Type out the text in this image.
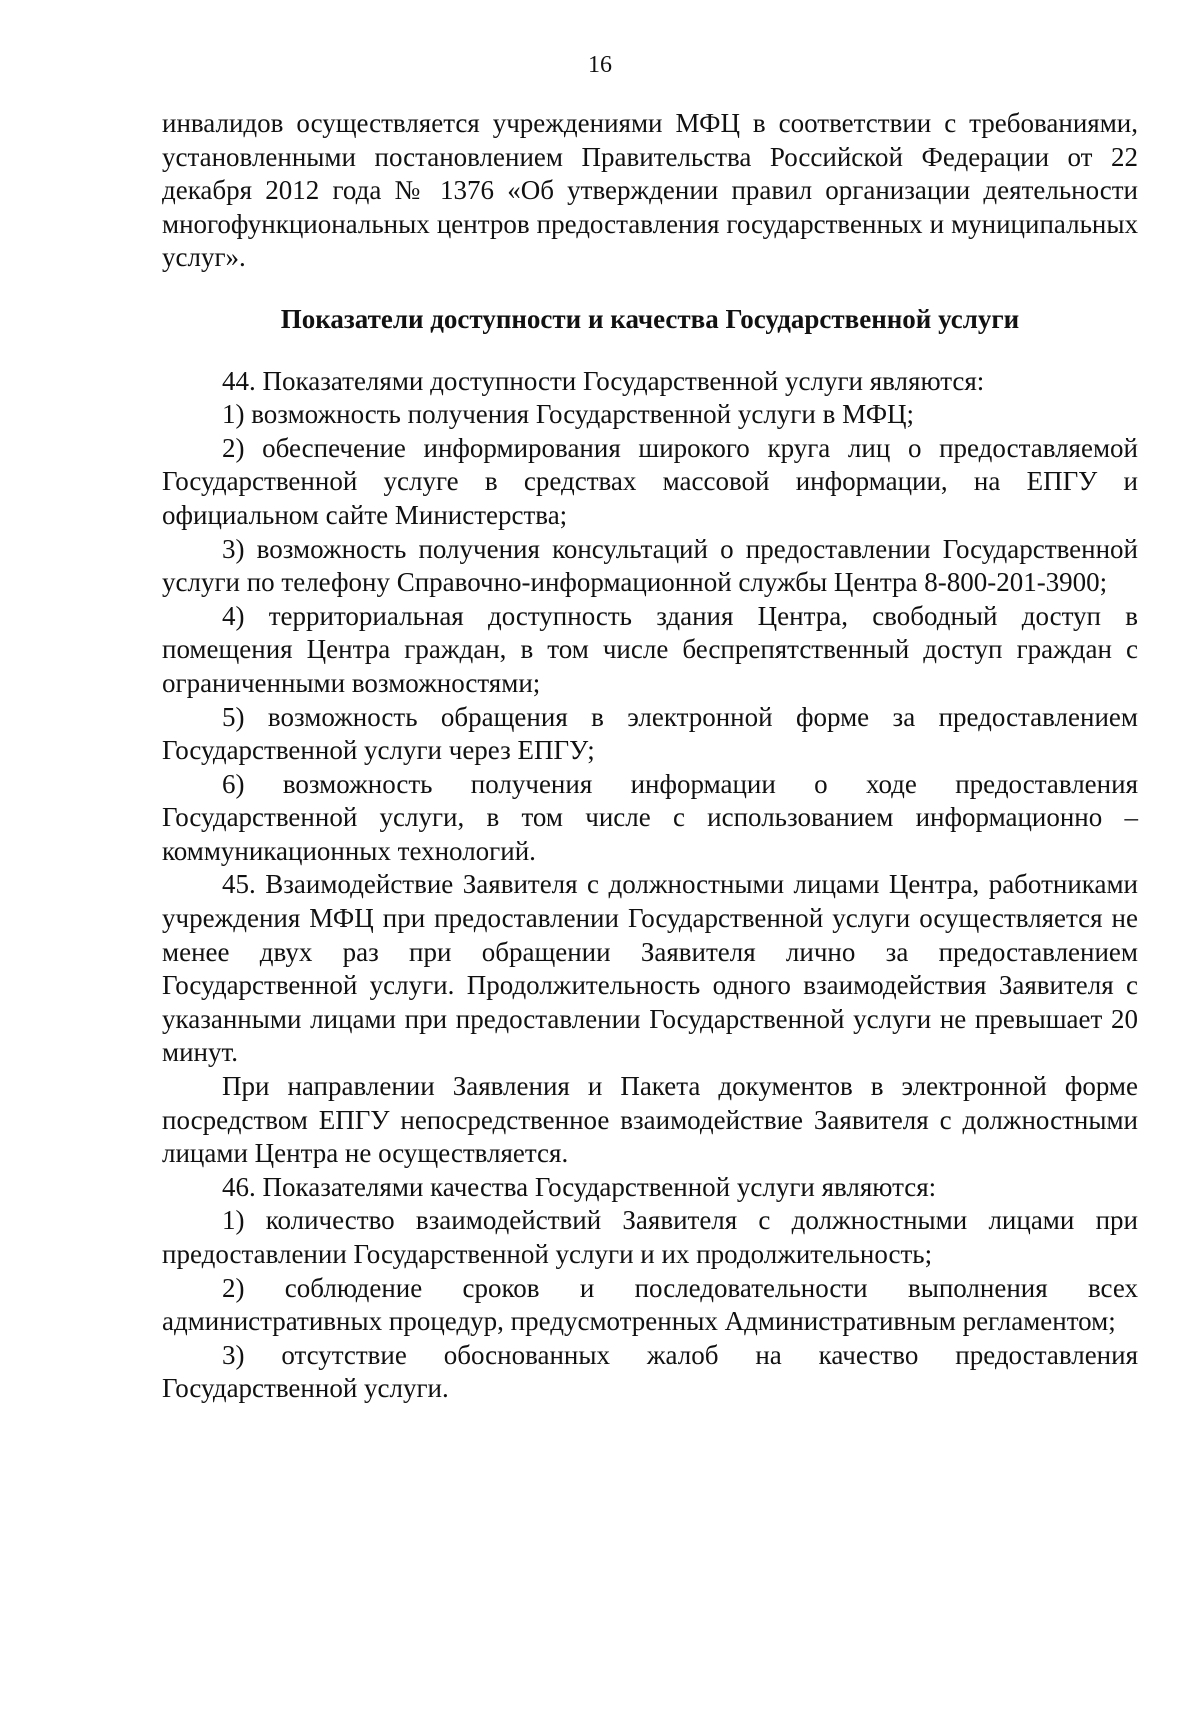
16

инвалидов осуществляется учреждениями МФЦ в соответствии с требованиями, установленными постановлением Правительства Российской Федерации от 22 декабря 2012 года № 1376 «Об утверждении правил организации деятельности многофункциональных центров предоставления государственных и муниципальных услуг».

Показатели доступности и качества Государственной услуги

44. Показателями доступности Государственной услуги являются:

1) возможность получения Государственной услуги в МФЦ;

2) обеспечение информирования широкого круга лиц о предоставляемой Государственной услуге в средствах массовой информации, на ЕПГУ и официальном сайте Министерства;

3) возможность получения консультаций о предоставлении Государственной услуги по телефону Справочно-информационной службы Центра 8-800-201-3900;

4) территориальная доступность здания Центра, свободный доступ в помещения Центра граждан, в том числе беспрепятственный доступ граждан с ограниченными возможностями;

5) возможность обращения в электронной форме за предоставлением Государственной услуги через ЕПГУ;

6) возможность получения информации о ходе предоставления Государственной услуги, в том числе с использованием информационно – коммуникационных технологий.

45. Взаимодействие Заявителя с должностными лицами Центра, работниками учреждения МФЦ при предоставлении Государственной услуги осуществляется не менее двух раз при обращении Заявителя лично за предоставлением Государственной услуги. Продолжительность одного взаимодействия Заявителя с указанными лицами при предоставлении Государственной услуги не превышает 20 минут.

При направлении Заявления и Пакета документов в электронной форме посредством ЕПГУ непосредственное взаимодействие Заявителя с должностными лицами Центра не осуществляется.

46. Показателями качества Государственной услуги являются:

1) количество взаимодействий Заявителя с должностными лицами при предоставлении Государственной услуги и их продолжительность;

2) соблюдение сроков и последовательности выполнения всех административных процедур, предусмотренных Административным регламентом;

3) отсутствие обоснованных жалоб на качество предоставления Государственной услуги.
